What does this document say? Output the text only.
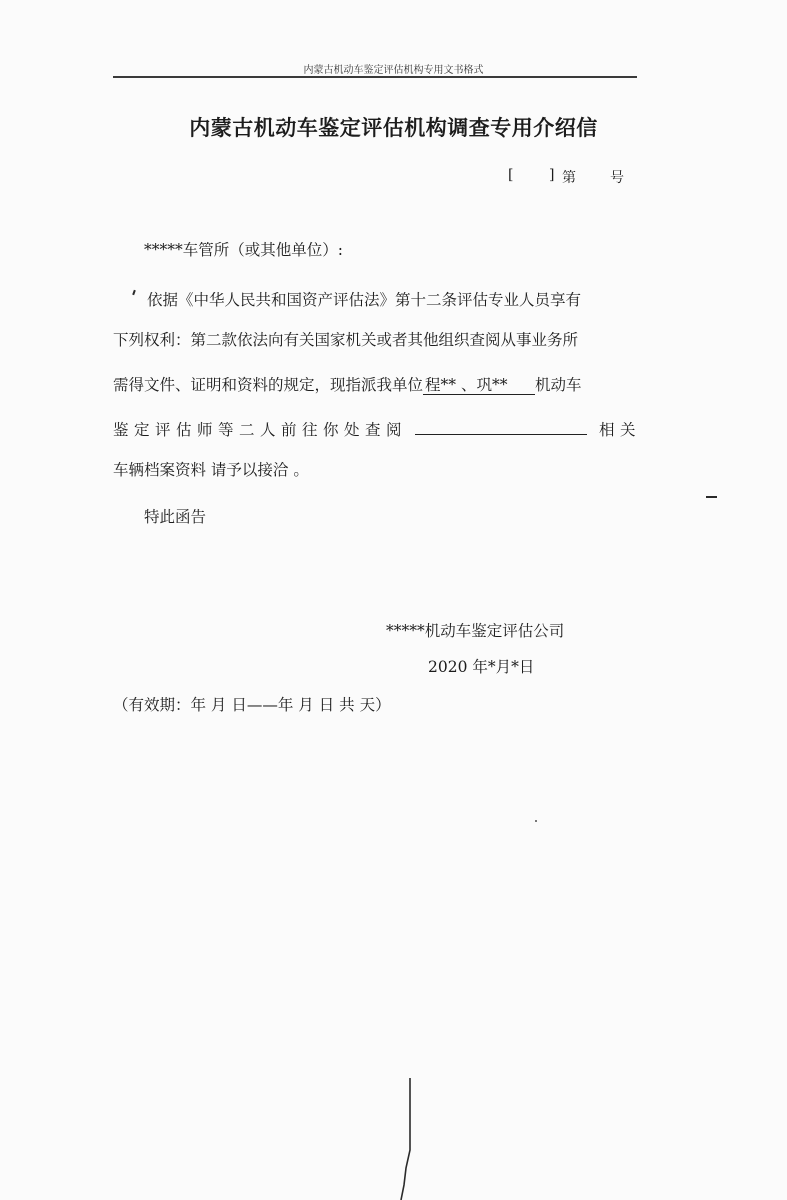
内蒙古机动车鉴定评估机构专用文书格式
内蒙古机动车鉴定评估机构调查专用介绍信
[	] 第 号
*****车管所（或其他单位）:
依据《中华人民共和国资产评估法》第十二条评估专业人员享有
下列权利：第二款依法向有关国家机关或者其他组织查阅从事业务所
需得文件、证明和资料的规定，现指派我单位 程** 、巩** 机动车
鉴定评估师等二人前往你处查阅	相关
车辆档案资料 请予以接洽 。
特此函告
*****机动车鉴定评估公司
2020 年*月*日
（有效期：年 月 日——年 月 日 共 天）
